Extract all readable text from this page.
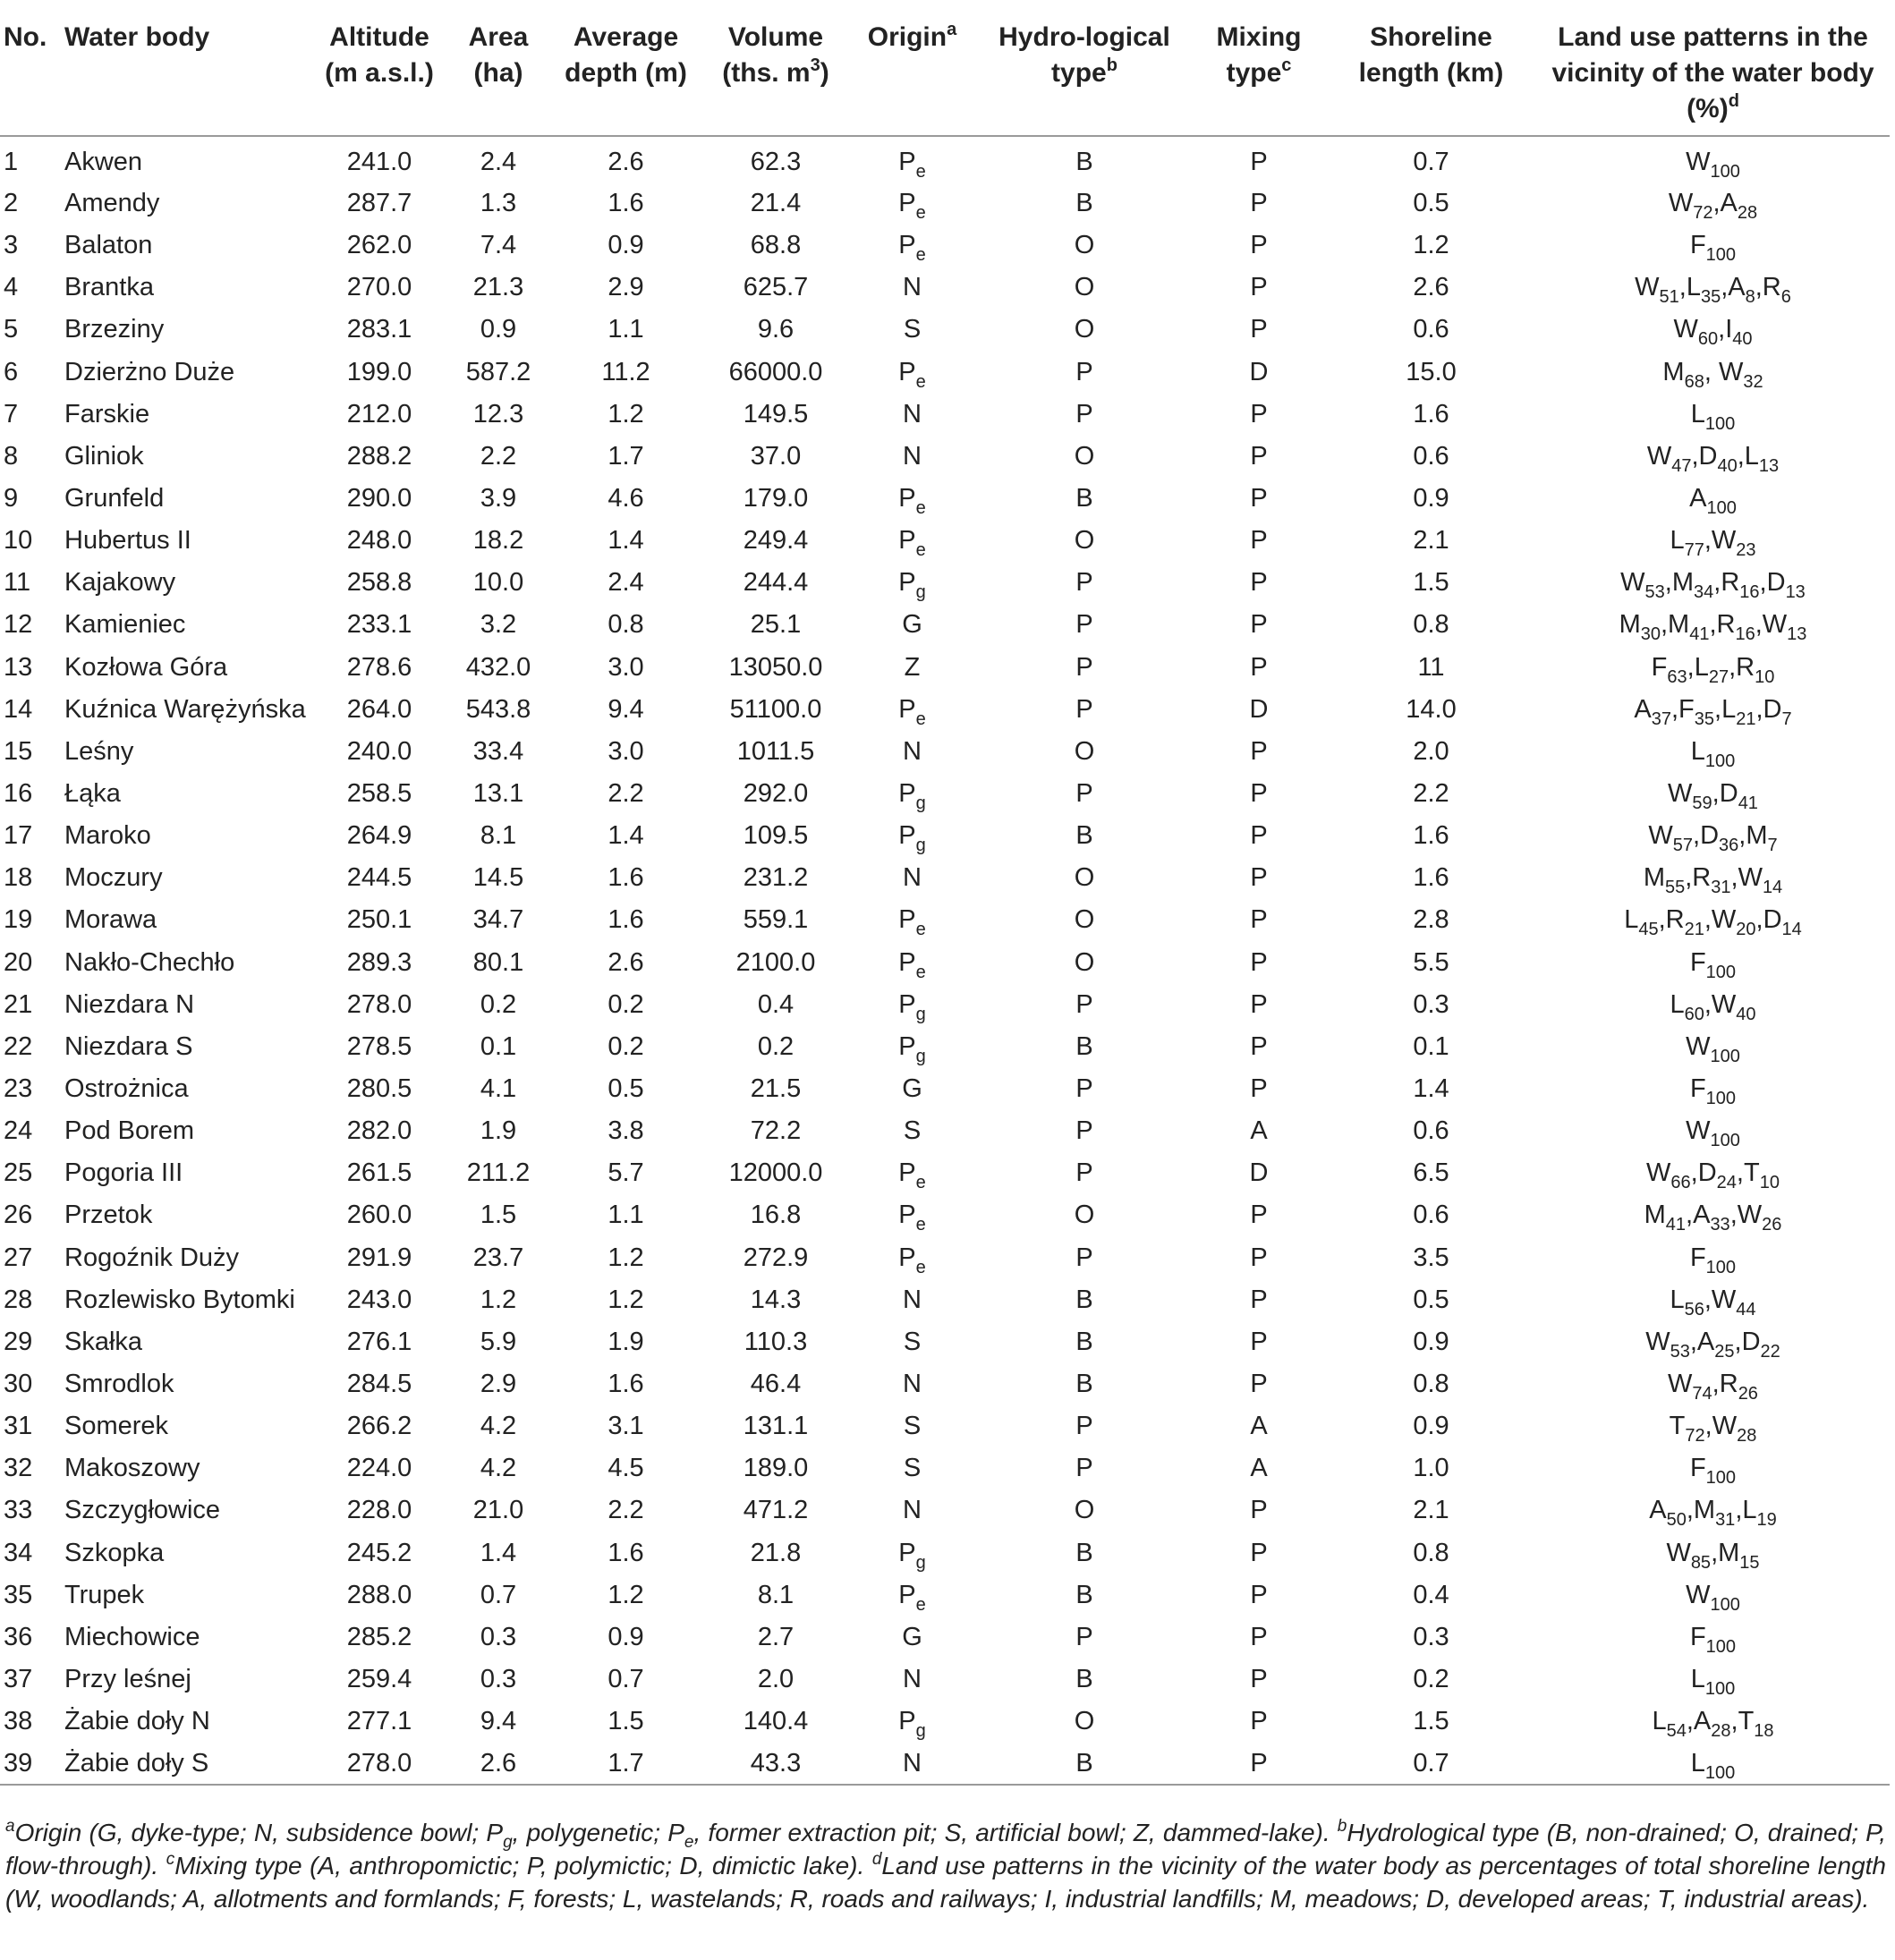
No.	Water body	Altitude (m a.s.l.)	Area (ha)	Average depth (m)	Volume (ths. $m^3$)	Origin$^a$	Hydro-logical type$^b$	Mixing type$^c$	Shoreline length (km)	Land use patterns in the vicinity of the water body (%)$^d$
1	Akwen	241.0	2.4	2.6	62.3	$P_e$	B	P	0.7	$W_{100}$
2	Amendy	287.7	1.3	1.6	21.4	$P_e$	B	P	0.5	$W_{72},A_{28}$
3	Balaton	262.0	7.4	0.9	68.8	$P_e$	O	P	1.2	$F_{100}$
4	Brantka	270.0	21.3	2.9	625.7	N	O	P	2.6	$W_{51},L_{35},A_8,R_6$
5	Brzeziny	283.1	0.9	1.1	9.6	S	O	P	0.6	$W_{60},I_{40}$
6	Dzierżno Duże	199.0	587.2	11.2	66000.0	$P_e$	P	D	15.0	$M_{68}$, $W_{32}$
7	Farskie	212.0	12.3	1.2	149.5	N	P	P	1.6	$L_{100}$
8	Gliniok	288.2	2.2	1.7	37.0	N	O	P	0.6	$W_{47},D_{40},L_{13}$
9	Grunfeld	290.0	3.9	4.6	179.0	$P_e$	B	P	0.9	$A_{100}$
10	Hubertus II	248.0	18.2	1.4	249.4	$P_e$	O	P	2.1	$L_{77},W_{23}$
11	Kajakowy	258.8	10.0	2.4	244.4	$P_g$	P	P	1.5	$W_{53},M_{34},R_{16},D_{13}$
12	Kamieniec	233.1	3.2	0.8	25.1	G	P	P	0.8	$M_{30},M_{41},R_{16},W_{13}$
13	Kozłowa Góra	278.6	432.0	3.0	13050.0	Z	P	P	11	$F_{63},L_{27},R_{10}$
14	Kuźnica Warężyńska	264.0	543.8	9.4	51100.0	$P_e$	P	D	14.0	$A_{37},F_{35},L_{21},D_7$
15	Leśny	240.0	33.4	3.0	1011.5	N	O	P	2.0	$L_{100}$
16	Łąka	258.5	13.1	2.2	292.0	$P_g$	P	P	2.2	$W_{59},D_{41}$
17	Maroko	264.9	8.1	1.4	109.5	$P_g$	B	P	1.6	$W_{57},D_{36},M_7$
18	Moczury	244.5	14.5	1.6	231.2	N	O	P	1.6	$M_{55},R_{31},W_{14}$
19	Morawa	250.1	34.7	1.6	559.1	$P_e$	O	P	2.8	$L_{45},R_{21},W_{20},D_{14}$
20	Nakło-Chechło	289.3	80.1	2.6	2100.0	$P_e$	O	P	5.5	$F_{100}$
21	Niezdara N	278.0	0.2	0.2	0.4	$P_g$	P	P	0.3	$L_{60},W_{40}$
22	Niezdara S	278.5	0.1	0.2	0.2	$P_g$	B	P	0.1	$W_{100}$
23	Ostrożnica	280.5	4.1	0.5	21.5	G	P	P	1.4	$F_{100}$
24	Pod Borem	282.0	1.9	3.8	72.2	S	P	A	0.6	$W_{100}$
25	Pogoria III	261.5	211.2	5.7	12000.0	$P_e$	P	D	6.5	$W_{66},D_{24},T_{10}$
26	Przetok	260.0	1.5	1.1	16.8	$P_e$	O	P	0.6	$M_{41},A_{33},W_{26}$
27	Rogoźnik Duży	291.9	23.7	1.2	272.9	$P_e$	P	P	3.5	$F_{100}$
28	Rozlewisko Bytomki	243.0	1.2	1.2	14.3	N	B	P	0.5	$L_{56},W_{44}$
29	Skałka	276.1	5.9	1.9	110.3	S	B	P	0.9	$W_{53},A_{25},D_{22}$
30	Smrodlok	284.5	2.9	1.6	46.4	N	B	P	0.8	$W_{74},R_{26}$
31	Somerek	266.2	4.2	3.1	131.1	S	P	A	0.9	$T_{72},W_{28}$
32	Makoszowy	224.0	4.2	4.5	189.0	S	P	A	1.0	$F_{100}$
33	Szczygłowice	228.0	21.0	2.2	471.2	N	O	P	2.1	$A_{50},M_{31},L_{19}$
34	Szkopka	245.2	1.4	1.6	21.8	$P_g$	B	P	0.8	$W_{85},M_{15}$
35	Trupek	288.0	0.7	1.2	8.1	$P_e$	B	P	0.4	$W_{100}$
36	Miechowice	285.2	0.3	0.9	2.7	G	P	P	0.3	$F_{100}$
37	Przy leśnej	259.4	0.3	0.7	2.0	N	B	P	0.2	$L_{100}$
38	Żabie doły N	277.1	9.4	1.5	140.4	$P_g$	O	P	1.5	$L_{54},A_{28},T_{18}$
39	Żabie doły S	278.0	2.6	1.7	43.3	N	B	P	0.7	$L_{100}$
$^a$Origin (G, dyke-type; N, subsidence bowl; $P_g$, polygenetic; $P_e$, former extraction pit; S, artificial bowl; Z, dammed-lake). $^b$Hydrological type (B, non-drained; O, drained; P, flow-through). $^c$Mixing type (A, anthropomictic; P, polymictic; D, dimictic lake). $^d$Land use patterns in the vicinity of the water body as percentages of total shoreline length (W, woodlands; A, allotments and formlands; F, forests; L, wastelands; R, roads and railways; I, industrial landfills; M, meadows; D, developed areas; T, industrial areas).
